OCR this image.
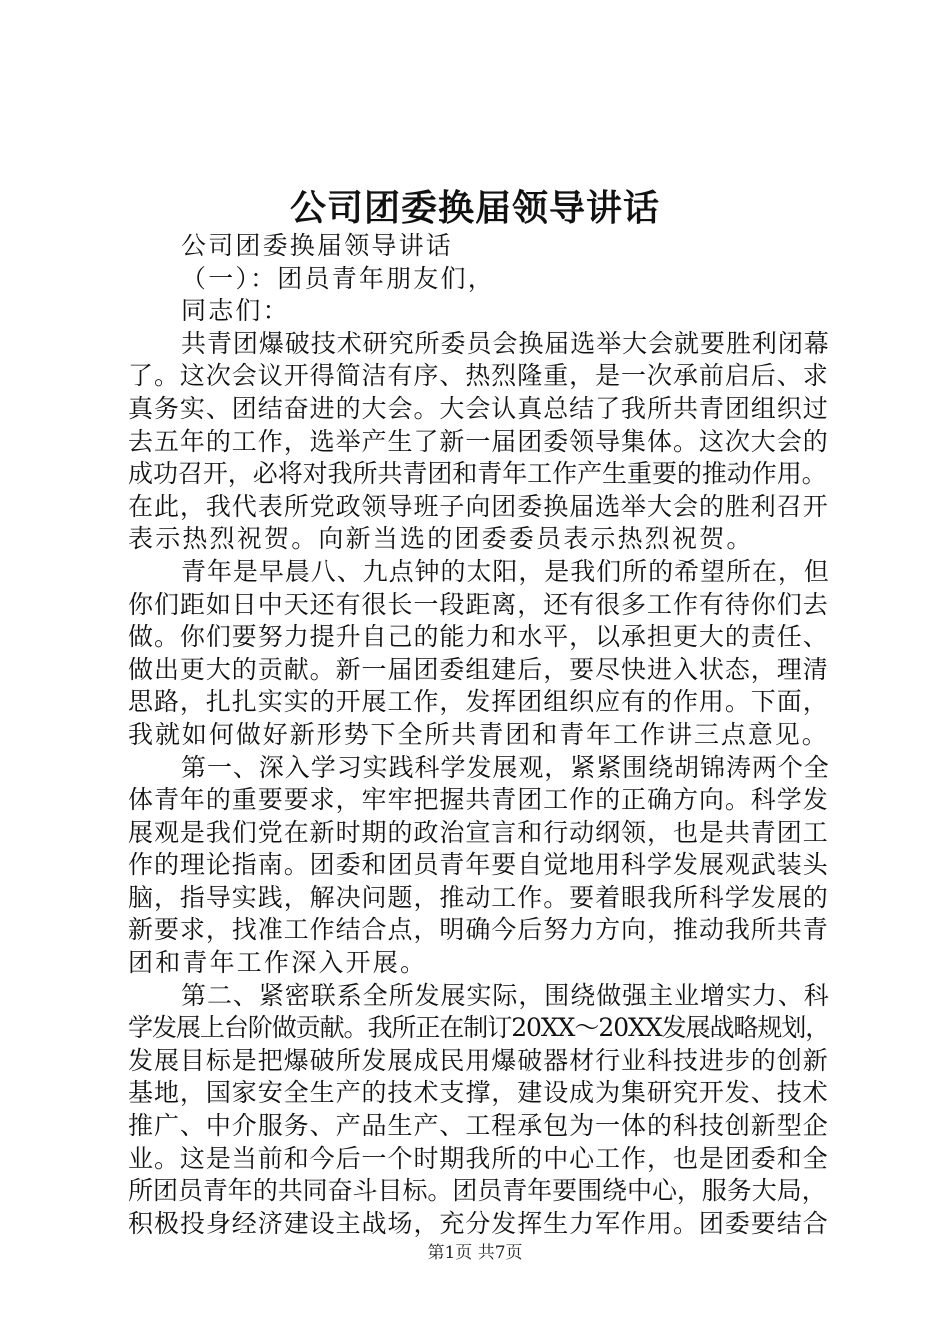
公司团委换届领导讲话

公司团委换届领导讲话

（一）：团员青年朋友们，

同志们：

共青团爆破技术研究所委员会换届选举大会就要胜利闭幕

了。这次会议开得简洁有序、热烈隆重，是一次承前启后、求

真务实、团结奋进的大会。大会认真总结了我所共青团组织过

去五年的工作，选举产生了新一届团委领导集体。这次大会的

成功召开，必将对我所共青团和青年工作产生重要的推动作用。

在此，我代表所党政领导班子向团委换届选举大会的胜利召开

表示热烈祝贺。向新当选的团委委员表示热烈祝贺。

青年是早晨八、九点钟的太阳，是我们所的希望所在，但

你们距如日中天还有很长一段距离，还有很多工作有待你们去

做。你们要努力提升自己的能力和水平，以承担更大的责任、

做出更大的贡献。新一届团委组建后，要尽快进入状态，理清

思路，扎扎实实的开展工作，发挥团组织应有的作用。下面，

我就如何做好新形势下全所共青团和青年工作讲三点意见。

第一、深入学习实践科学发展观，紧紧围绕胡锦涛两个全

体青年的重要要求，牢牢把握共青团工作的正确方向。科学发

展观是我们党在新时期的政治宣言和行动纲领，也是共青团工

作的理论指南。团委和团员青年要自觉地用科学发展观武装头

脑，指导实践，解决问题，推动工作。要着眼我所科学发展的

新要求，找准工作结合点，明确今后努力方向，推动我所共青

团和青年工作深入开展。

第二、紧密联系全所发展实际，围绕做强主业增实力、科

学发展上台阶做贡献。我所正在制订20XX～20XX发展战略规划，

发展目标是把爆破所发展成民用爆破器材行业科技进步的创新

基地，国家安全生产的技术支撑，建设成为集研究开发、技术

推广、中介服务、产品生产、工程承包为一体的科技创新型企

业。这是当前和今后一个时期我所的中心工作，也是团委和全

所团员青年的共同奋斗目标。团员青年要围绕中心，服务大局，

积极投身经济建设主战场，充分发挥生力军作用。团委要结合

第1页 共7页
